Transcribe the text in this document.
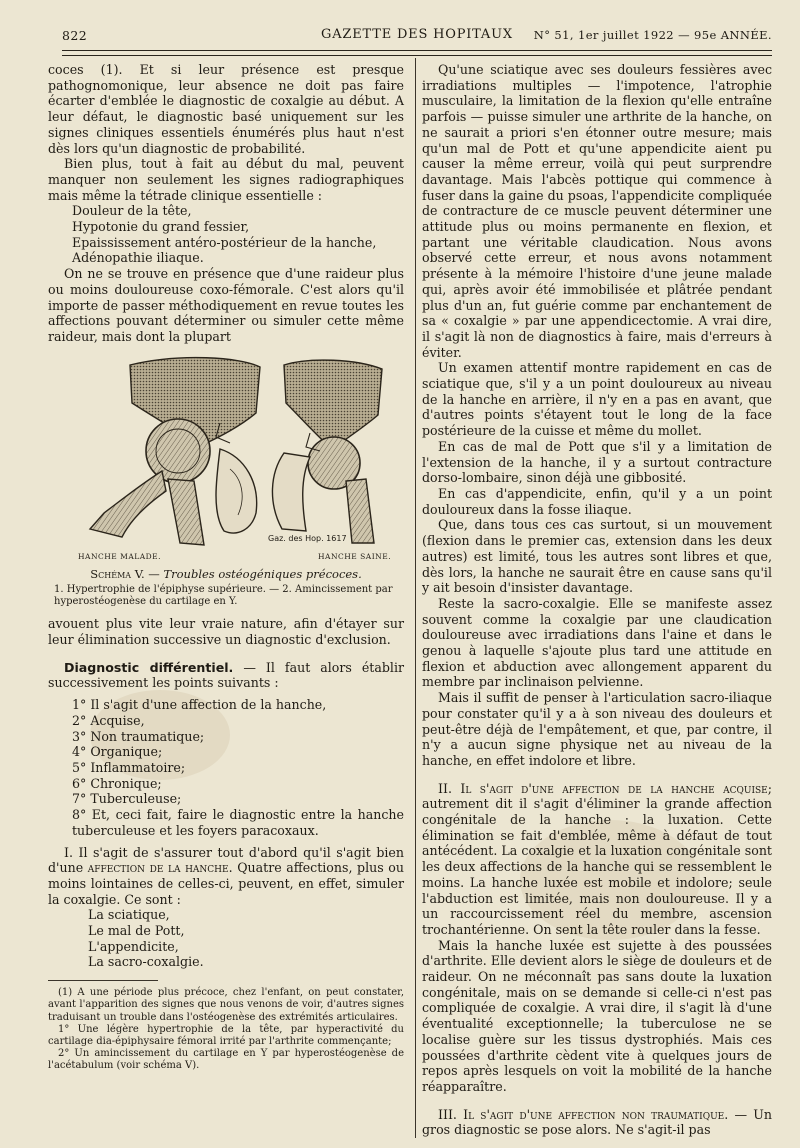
822	GAZETTE DES HOPITAUX	N° 51, 1er juillet 1922 — 95e ANNÉE.

coces (1). Et si leur présence est presque pathognomonique, leur absence ne doit pas faire écarter d'emblée le diagnostic de coxalgie au début. A leur défaut, le diagnostic basé uniquement sur les signes cliniques essentiels énumérés plus haut n'est dès lors qu'un diagnostic de probabilité.

Bien plus, tout à fait au début du mal, peuvent manquer non seulement les signes radiographiques mais même la tétrade clinique essentielle :

Douleur de la tête,
Hypotonie du grand fessier,
Epaississement antéro-postérieur de la hanche,
Adénopathie iliaque.

On ne se trouve en présence que d'une raideur plus ou moins douloureuse coxo-fémorale. C'est alors qu'il importe de passer méthodiquement en revue toutes les affections pouvant déterminer ou simuler cette même raideur, mais dont la plupart

Gaz. des Hop. 1617
HANCHE MALADE.	HANCHE SAINE.
Schéma V. — Troubles ostéogéniques précoces.
1. Hypertrophie de l'épiphyse supérieure. — 2. Amincissement par hyperostéogenèse du cartilage en Y.

avouent plus vite leur vraie nature, afin d'étayer sur leur élimination successive un diagnostic d'exclusion.

Diagnostic différentiel. — Il faut alors établir successivement les points suivants :

1° Il s'agit d'une affection de la hanche,
2° Acquise,
3° Non traumatique;
4° Organique;
5° Inflammatoire;
6° Chronique;
7° Tuberculeuse;
8° Et, ceci fait, faire le diagnostic entre la hanche tuberculeuse et les foyers paracoxaux.

I. Il s'agit de s'assurer tout d'abord qu'il s'agit bien d'une affection de la hanche. Quatre affections, plus ou moins lointaines de celles-ci, peuvent, en effet, simuler la coxalgie. Ce sont :

La sciatique,
Le mal de Pott,
L'appendicite,
La sacro-coxalgie.

(1) A une période plus précoce, chez l'enfant, on peut constater, avant l'apparition des signes que nous venons de voir, d'autres signes traduisant un trouble dans l'ostéogenèse des extrémités articulaires.

1° Une légère hypertrophie de la tête, par hyperactivité du cartilage dia-épiphysaire fémoral irrité par l'arthrite commençante;

2° Un amincissement du cartilage en Y par hyperostéogenèse de l'acétabulum (voir schéma V).

Qu'une sciatique avec ses douleurs fessières avec irradiations multiples — l'impotence, l'atrophie musculaire, la limitation de la flexion qu'elle entraîne parfois — puisse simuler une arthrite de la hanche, on ne saurait a priori s'en étonner outre mesure; mais qu'un mal de Pott et qu'une appendicite aient pu causer la même erreur, voilà qui peut surprendre davantage. Mais l'abcès pottique qui commence à fuser dans la gaine du psoas, l'appendicite compliquée de contracture de ce muscle peuvent déterminer une attitude plus ou moins permanente en flexion, et partant une véritable claudication. Nous avons observé cette erreur, et nous avons notamment présente à la mémoire l'histoire d'une jeune malade qui, après avoir été immobilisée et plâtrée pendant plus d'un an, fut guérie comme par enchantement de sa « coxalgie » par une appendicectomie. A vrai dire, il s'agit là non de diagnostics à faire, mais d'erreurs à éviter.

Un examen attentif montre rapidement en cas de sciatique que, s'il y a un point douloureux au niveau de la hanche en arrière, il n'y en a pas en avant, que d'autres points s'étayent tout le long de la face postérieure de la cuisse et même du mollet.

En cas de mal de Pott que s'il y a limitation de l'extension de la hanche, il y a surtout contracture dorso-lombaire, sinon déjà une gibbosité.

En cas d'appendicite, enfin, qu'il y a un point douloureux dans la fosse iliaque.

Que, dans tous ces cas surtout, si un mouvement (flexion dans le premier cas, extension dans les deux autres) est limité, tous les autres sont libres et que, dès lors, la hanche ne saurait être en cause sans qu'il y ait besoin d'insister davantage.

Reste la sacro-coxalgie. Elle se manifeste assez souvent comme la coxalgie par une claudication douloureuse avec irradiations dans l'aine et dans le genou à laquelle s'ajoute plus tard une attitude en flexion et abduction avec allongement apparent du membre par inclinaison pelvienne.

Mais il suffit de penser à l'articulation sacro-iliaque pour constater qu'il y a à son niveau des douleurs et peut-être déjà de l'empâtement, et que, par contre, il n'y a aucun signe physique net au niveau de la hanche, en effet indolore et libre.

II. Il s'agit d'une affection de la hanche acquise; autrement dit il s'agit d'éliminer la grande affection congénitale de la hanche : la luxation. Cette élimination se fait d'emblée, même à défaut de tout antécédent. La coxalgie et la luxation congénitale sont les deux affections de la hanche qui se ressemblent le moins. La hanche luxée est mobile et indolore; seule l'abduction est limitée, mais non douloureuse. Il y a un raccourcissement réel du membre, ascension trochantérienne. On sent la tête rouler dans la fesse.

Mais la hanche luxée est sujette à des poussées d'arthrite. Elle devient alors le siège de douleurs et de raideur. On ne méconnaît pas sans doute la luxation congénitale, mais on se demande si celle-ci n'est pas compliquée de coxalgie. A vrai dire, il s'agit là d'une éventualité exceptionnelle; la tuberculose ne se localise guère sur les tissus dystrophiés. Mais ces poussées d'arthrite cèdent vite à quelques jours de repos après lesquels on voit la mobilité de la hanche réapparaître.

III. Il s'agit d'une affection non traumatique. — Un gros diagnostic se pose alors. Ne s'agit-il pas
